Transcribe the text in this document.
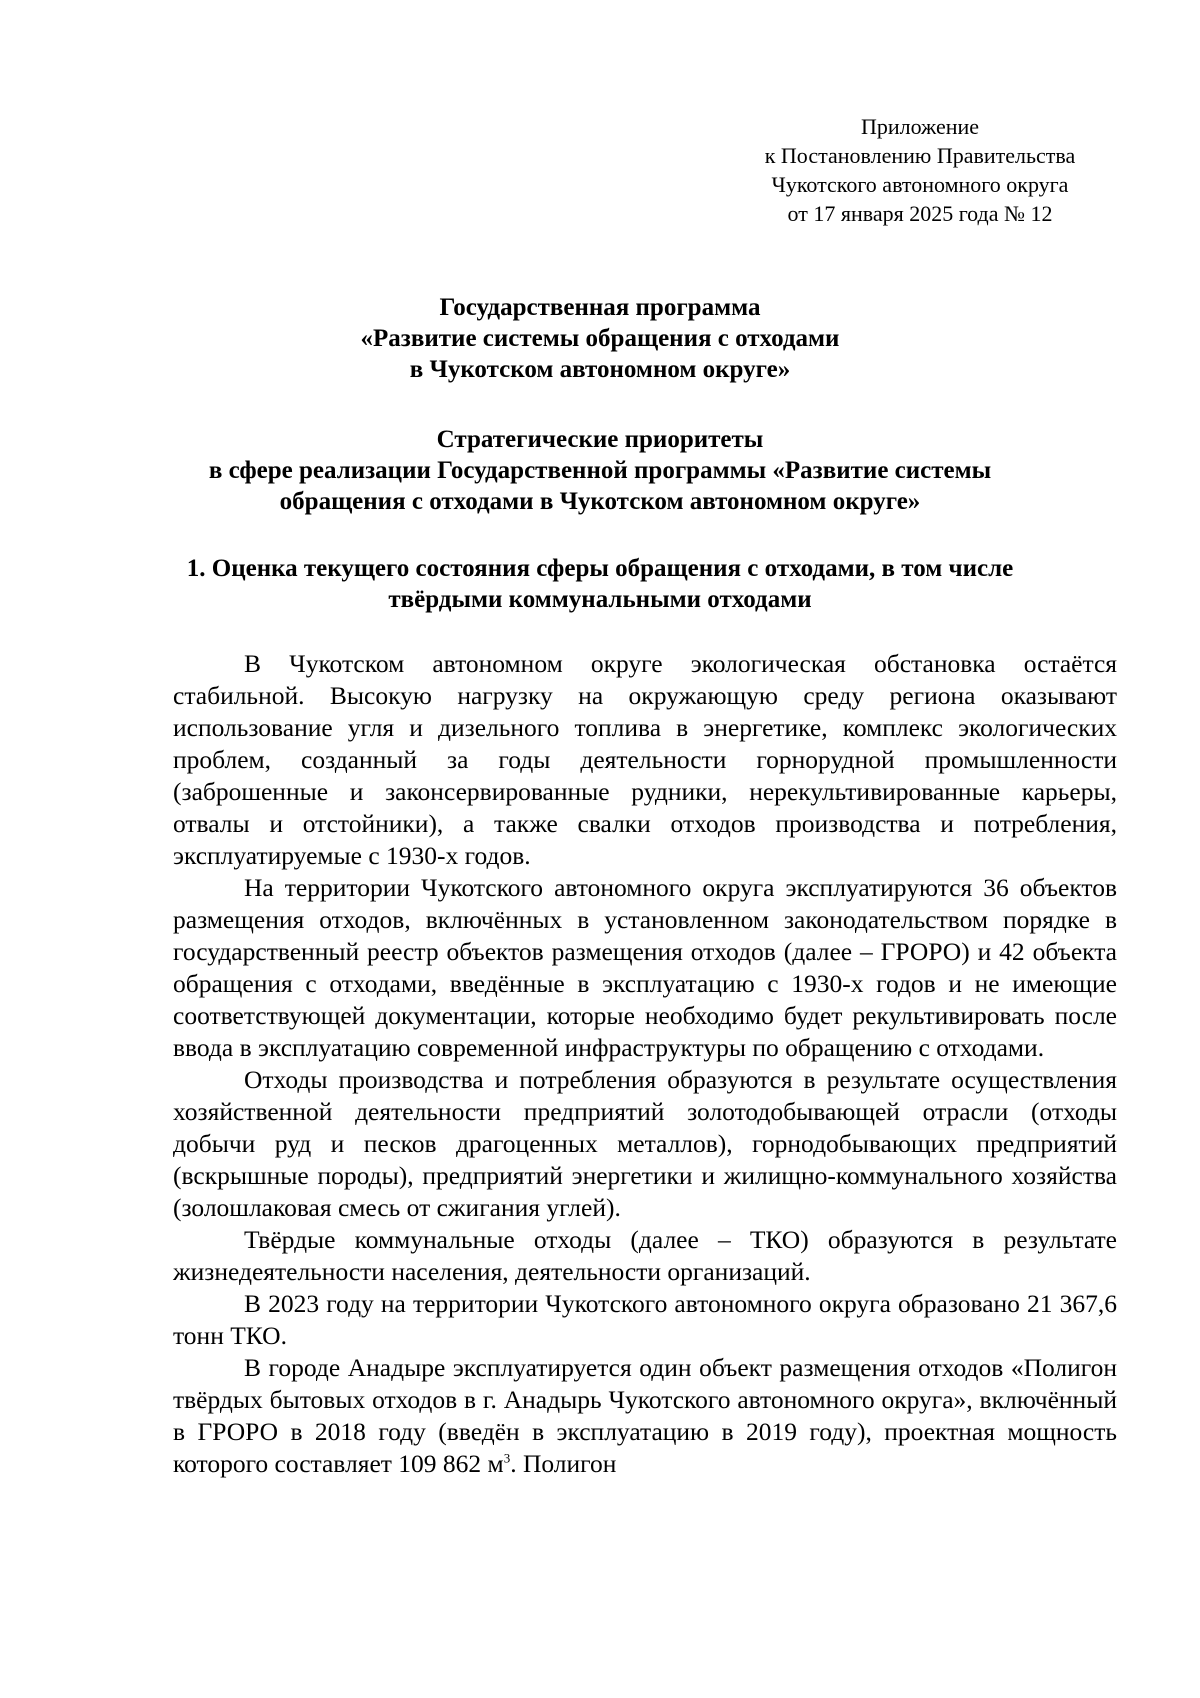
Приложение
к Постановлению Правительства
Чукотского автономного округа
от 17 января 2025 года № 12
Государственная программа
«Развитие системы обращения с отходами
в Чукотском автономном округе»
Стратегические приоритеты
в сфере реализации Государственной программы «Развитие системы
обращения с отходами в Чукотском автономном округе»
1. Оценка текущего состояния сферы обращения с отходами, в том числе
твёрдыми коммунальными отходами

В Чукотском автономном округе экологическая обстановка остаётся стабильной. Высокую нагрузку на окружающую среду региона оказывают использование угля и дизельного топлива в энергетике, комплекс экологических проблем, созданный за годы деятельности горнорудной промышленности (заброшенные и законсервированные рудники, нерекультивированные карьеры, отвалы и отстойники), а также свалки отходов производства и потребления, эксплуатируемые с 1930-х годов.

На территории Чукотского автономного округа эксплуатируются 36 объектов размещения отходов, включённых в установленном законодательством порядке в государственный реестр объектов размещения отходов (далее – ГРОРО) и 42 объекта обращения с отходами, введённые в эксплуатацию с 1930-х годов и не имеющие соответствующей документации, которые необходимо будет рекультивировать после ввода в эксплуатацию современной инфраструктуры по обращению с отходами.

Отходы производства и потребления образуются в результате осуществления хозяйственной деятельности предприятий золотодобывающей отрасли (отходы добычи руд и песков драгоценных металлов), горнодобывающих предприятий (вскрышные породы), предприятий энергетики и жилищно-коммунального хозяйства (золошлаковая смесь от сжигания углей).

Твёрдые коммунальные отходы (далее – ТКО) образуются в результате жизнедеятельности населения, деятельности организаций.

В 2023 году на территории Чукотского автономного округа образовано 21 367,6 тонн ТКО.

В городе Анадыре эксплуатируется один объект размещения отходов «Полигон твёрдых бытовых отходов в г. Анадырь Чукотского автономного округа», включённый в ГРОРО в 2018 году (введён в эксплуатацию в 2019 году), проектная мощность которого составляет 109 862 $м^3$. Полигон
